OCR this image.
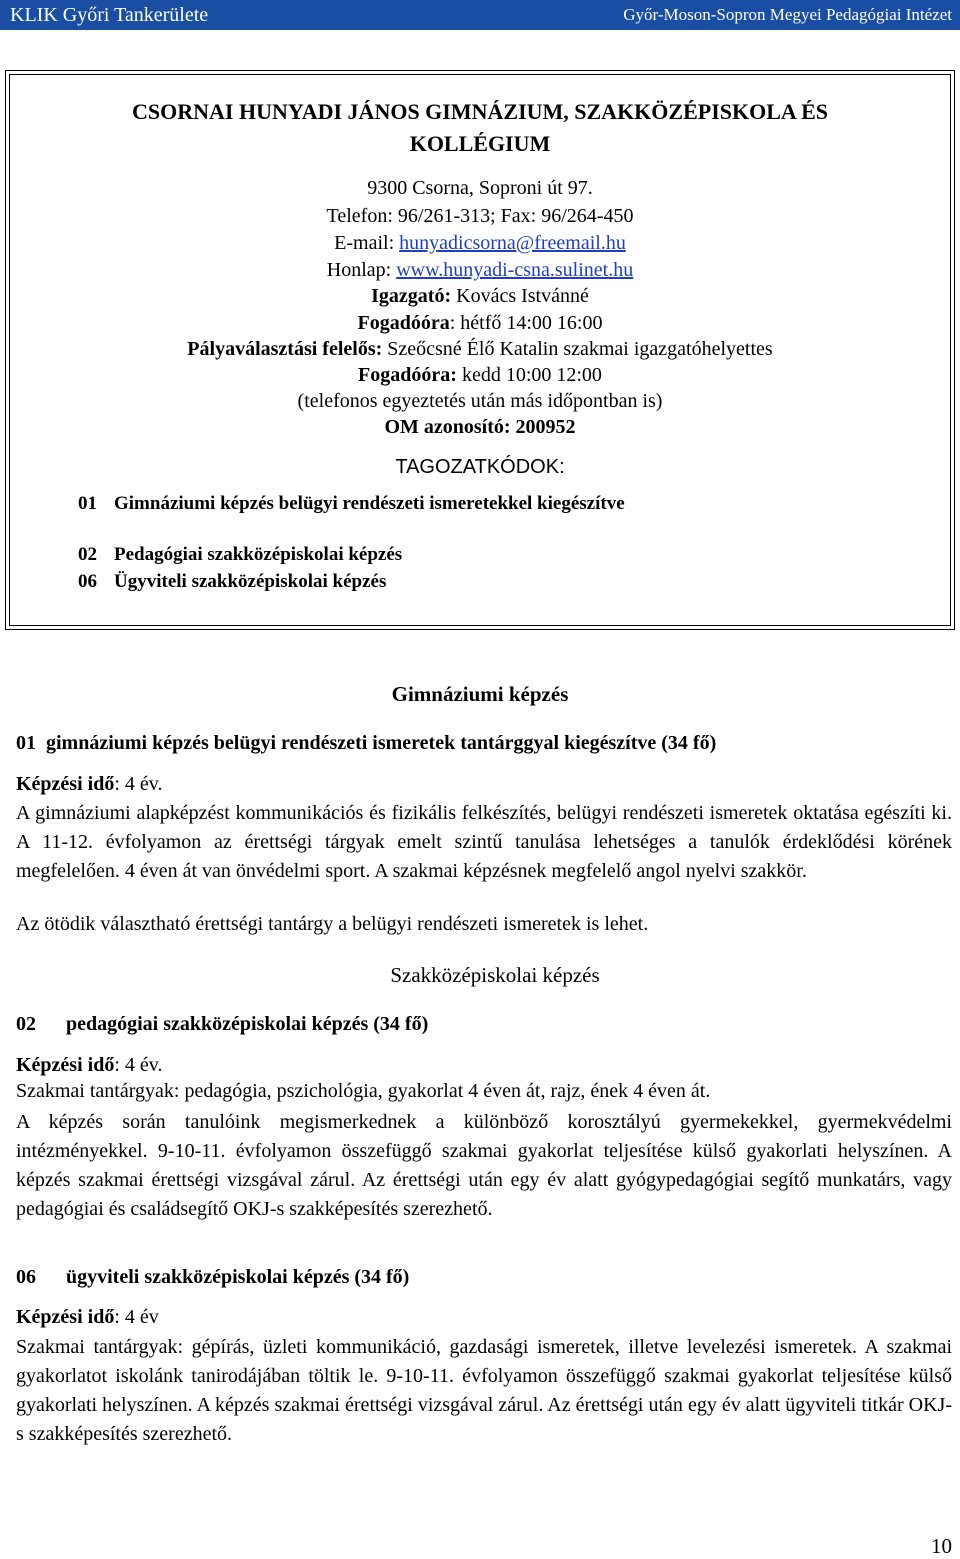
KLIK Győri Tankerülete	Győr-Moson-Sopron Megyei Pedagógiai Intézet
CSORNAI HUNYADI JÁNOS GIMNÁZIUM, SZAKKÖZÉPISKOLA ÉS
KOLLÉGIUM
9300 Csorna, Soproni út 97.
Telefon: 96/261-313; Fax: 96/264-450
E-mail: hunyadicsorna@freemail.hu
Honlap: www.hunyadi-csna.sulinet.hu
Igazgató: Kovács Istvánné
Fogadóóra: hétfő 14:00 16:00
Pályaválasztási felelős: Szeőcsné Élő Katalin szakmai igazgatóhelyettes
Fogadóóra: kedd 10:00 12:00
(telefonos egyeztetés után más időpontban is)
OM azonosító: 200952
TAGOZATKÓDOK:
01 Gimnáziumi képzés belügyi rendészeti ismeretekkel kiegészítve
02 Pedagógiai szakközépiskolai képzés
06 Ügyviteli szakközépiskolai képzés
Gimnáziumi képzés
01  gimnáziumi képzés belügyi rendészeti ismeretek tantárggyal kiegészítve (34 fő)
Képzési idő: 4 év.
A gimnáziumi alapképzést kommunikációs és fizikális felkészítés, belügyi rendészeti ismeretek oktatása egészíti ki. A 11-12. évfolyamon az érettségi tárgyak emelt szintű tanulása lehetséges a tanulók érdeklődési körének megfelelően. 4 éven át van önvédelmi sport. A szakmai képzésnek megfelelő angol nyelvi szakkör.
Az ötödik választható érettségi tantárgy a belügyi rendészeti ismeretek is lehet.
Szakközépiskolai képzés
02 pedagógiai szakközépiskolai képzés (34 fő)
Képzési idő: 4 év.
Szakmai tantárgyak: pedagógia, pszichológia, gyakorlat 4 éven át, rajz, ének 4 éven át.
A képzés során tanulóink megismerkednek a különböző korosztályú gyermekekkel, gyermekvédelmi intézményekkel. 9-10-11. évfolyamon összefüggő szakmai gyakorlat teljesítése külső gyakorlati helyszínen. A képzés szakmai érettségi vizsgával zárul. Az érettségi után egy év alatt gyógypedagógiai segítő munkatárs, vagy pedagógiai és családsegítő OKJ-s szakképesítés szerezhető.
06 ügyviteli szakközépiskolai képzés (34 fő)
Képzési idő: 4 év
Szakmai tantárgyak: gépírás, üzleti kommunikáció, gazdasági ismeretek, illetve levelezési ismeretek. A szakmai gyakorlatot iskolánk tanirodájában töltik le. 9-10-11. évfolyamon összefüggő szakmai gyakorlat teljesítése külső gyakorlati helyszínen. A képzés szakmai érettségi vizsgával zárul. Az érettségi után egy év alatt ügyviteli titkár OKJ-s szakképesítés szerezhető.
10
